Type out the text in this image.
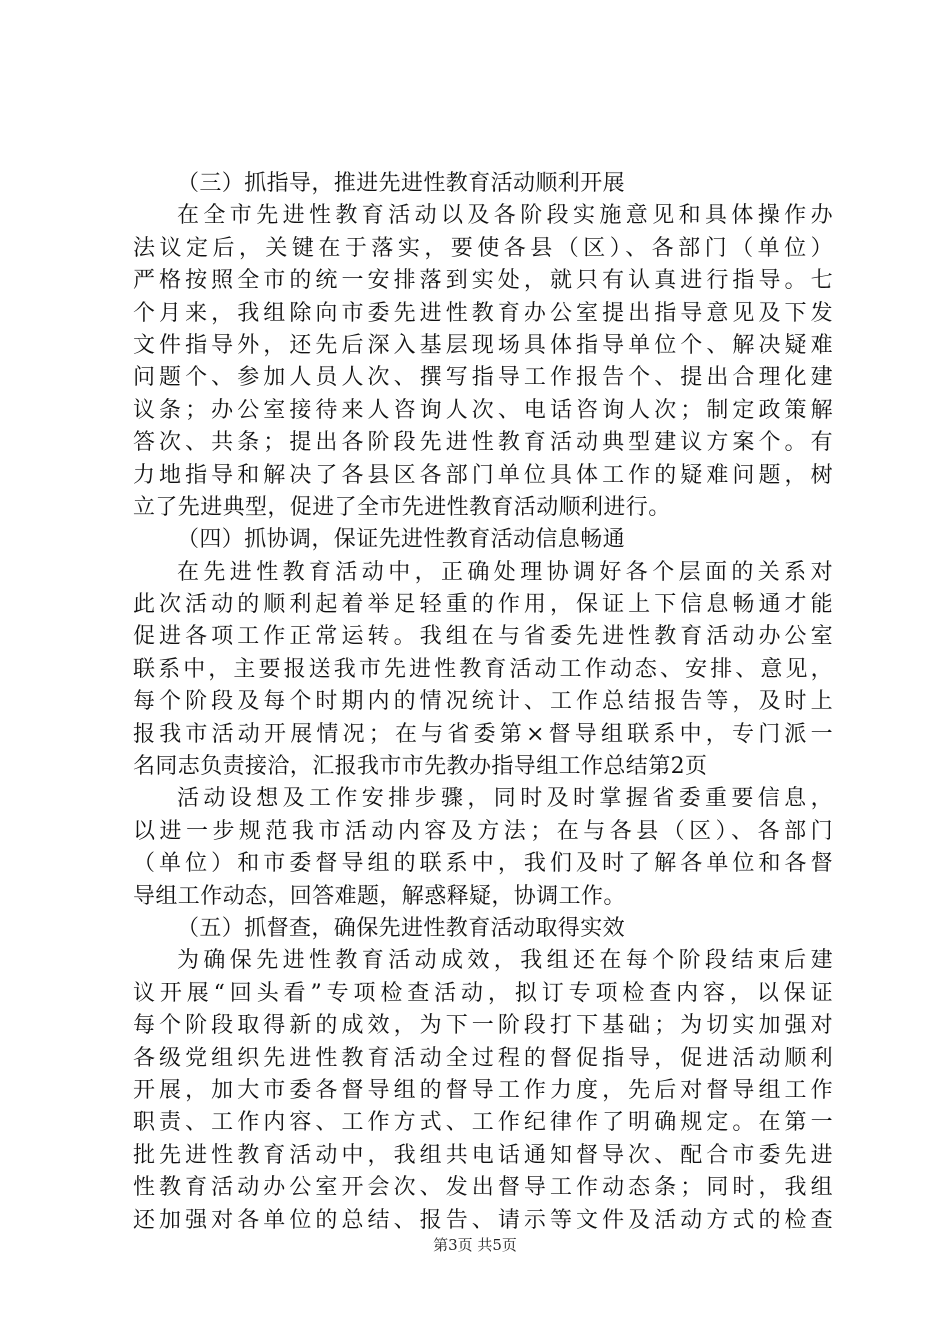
（三）抓指导，推进先进性教育活动顺利开展
在全市先进性教育活动以及各阶段实施意见和具体操作办
法议定后，关键在于落实，要使各县（区）、各部门（单位）
严格按照全市的统一安排落到实处，就只有认真进行指导。七
个月来，我组除向市委先进性教育办公室提出指导意见及下发
文件指导外，还先后深入基层现场具体指导单位个、解决疑难
问题个、参加人员人次、撰写指导工作报告个、提出合理化建
议条；办公室接待来人咨询人次、电话咨询人次；制定政策解
答次、共条；提出各阶段先进性教育活动典型建议方案个。有
力地指导和解决了各县区各部门单位具体工作的疑难问题，树
立了先进典型，促进了全市先进性教育活动顺利进行。
（四）抓协调，保证先进性教育活动信息畅通
在先进性教育活动中，正确处理协调好各个层面的关系对
此次活动的顺利起着举足轻重的作用，保证上下信息畅通才能
促进各项工作正常运转。我组在与省委先进性教育活动办公室
联系中，主要报送我市先进性教育活动工作动态、安排、意见，
每个阶段及每个时期内的情况统计、工作总结报告等，及时上
报我市活动开展情况；在与省委第×督导组联系中，专门派一
名同志负责接洽，汇报我市市先教办指导组工作总结第2页
活动设想及工作安排步骤，同时及时掌握省委重要信息，
以进一步规范我市活动内容及方法；在与各县（区）、各部门
（单位）和市委督导组的联系中，我们及时了解各单位和各督
导组工作动态，回答难题，解惑释疑，协调工作。
（五）抓督查，确保先进性教育活动取得实效
为确保先进性教育活动成效，我组还在每个阶段结束后建
议开展“回头看”专项检查活动，拟订专项检查内容，以保证
每个阶段取得新的成效，为下一阶段打下基础；为切实加强对
各级党组织先进性教育活动全过程的督促指导，促进活动顺利
开展，加大市委各督导组的督导工作力度，先后对督导组工作
职责、工作内容、工作方式、工作纪律作了明确规定。在第一
批先进性教育活动中，我组共电话通知督导次、配合市委先进
性教育活动办公室开会次、发出督导工作动态条；同时，我组
还加强对各单位的总结、报告、请示等文件及活动方式的检查
第3页 共5页
